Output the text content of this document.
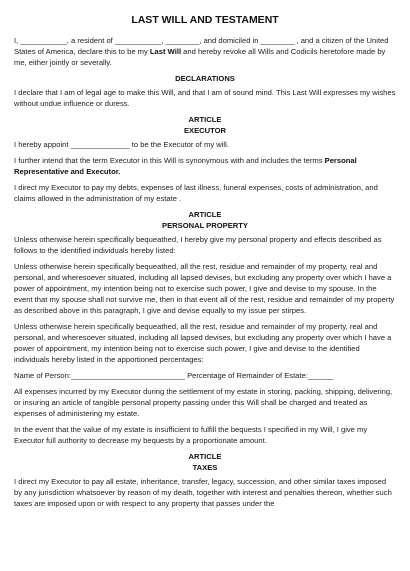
LAST WILL AND TESTAMENT

I, ___________, a resident of ___________, ________, and domiciled in ________ , and a citizen of the United States of America, declare this to be my Last Will and hereby revoke all Wills and Codicils heretofore made by me, either jointly or severally.

DECLARATIONS

I declare that I am of legal age to make this Will, and that I am of sound mind. This Last Will expresses my wishes without undue influence or duress.

ARTICLE
EXECUTOR

I hereby appoint ______________ to be the Executor of my will.

I further intend that the term Executor in this Will is synonymous with and includes the terms Personal Representative and Executor.

I direct my Executor to pay my debts, expenses of last illness, funeral expenses, costs of administration, and claims allowed in the administration of my estate .

ARTICLE
PERSONAL PROPERTY

Unless otherwise herein specifically bequeathed, I hereby give my personal property and effects described as follows to the identified individuals hereby listed:

Unless otherwise herein specifically bequeathed, all the rest, residue and remainder of my property, real and personal, and wheresoever situated, including all lapsed devises, but excluding any property over which I have a power of appointment, my intention being not to exercise such power, I give and devise to my spouse. In the event that my spouse shall not survive me, then in that event all of the rest, residue and remainder of my property as described above in this paragraph, I give and devise equally to my issue per stirpes.

Unless otherwise herein specifically bequeathed, all the rest, residue and remainder of my property, real and personal, and wheresoever situated, including all lapsed devises, but excluding any property over which I have a power of appointment, my intention being not to exercise such power, I give and devise to the identified individuals hereby listed in the apportioned percentages:

Name of Person:___________________________ Percentage of Remainder of Estate:______

All expenses incurred by my Executor during the settlement of my estate in storing, packing, shipping, delivering, or insuring an article of tangible personal property passing under this Will shall be charged and treated as expenses of administering my estate.

In the event that the value of my estate is insufficient to fulfill the bequests I specified in my Will, I give my Executor full authority to decrease my bequests by a proportionate amount.

ARTICLE
TAXES

I direct my Executor to pay all estate, inheritance, transfer, legacy, succession, and other similar taxes imposed by any jurisdiction whatsoever by reason of my death, together with interest and penalties thereon, whether such taxes are imposed upon or with respect to any property that passes under the
